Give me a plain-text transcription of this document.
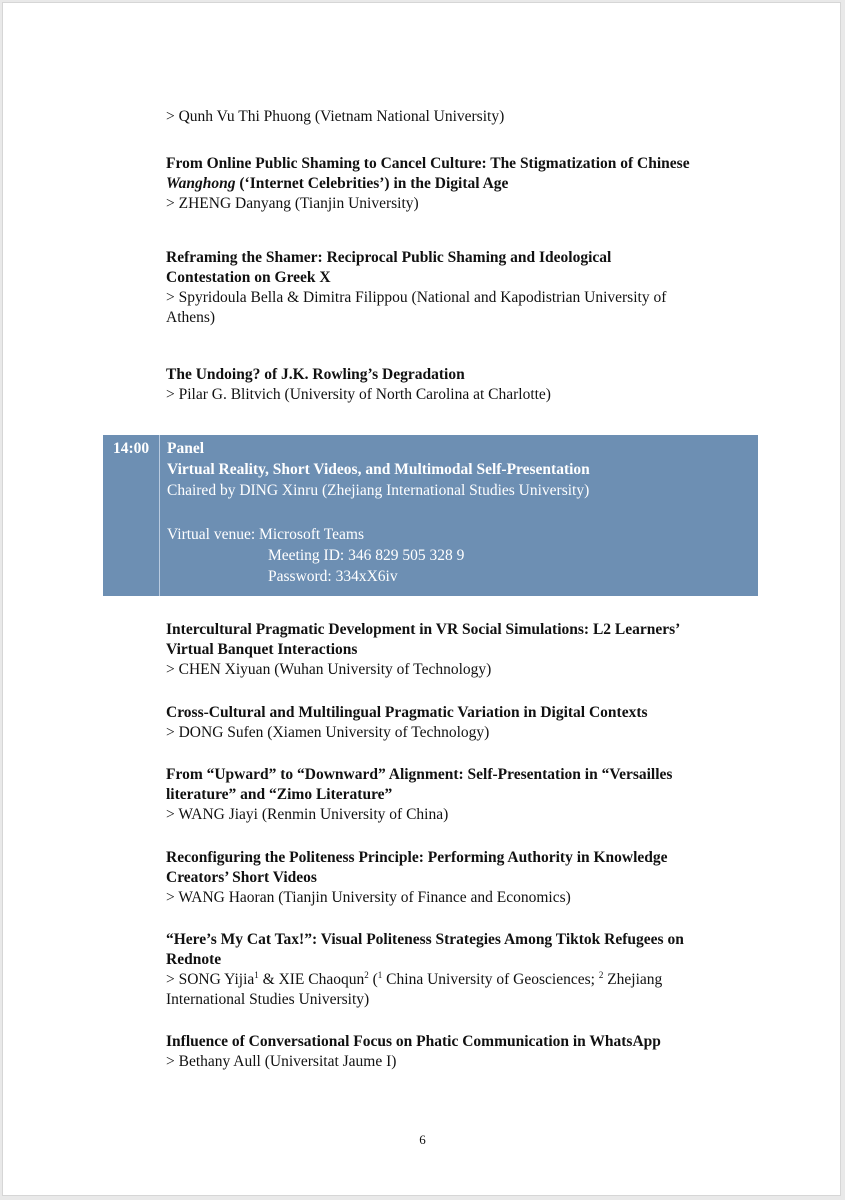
> Qunh Vu Thi Phuong (Vietnam National University)
From Online Public Shaming to Cancel Culture: The Stigmatization of Chinese
Wanghong (‘Internet Celebrities’) in the Digital Age
> ZHENG Danyang (Tianjin University)
Reframing the Shamer: Reciprocal Public Shaming and Ideological
Contestation on Greek X
> Spyridoula Bella & Dimitra Filippou (National and Kapodistrian University of
Athens)
The Undoing? of J.K. Rowling’s Degradation
> Pilar G. Blitvich (University of North Carolina at Charlotte)
14:00 Panel
Virtual Reality, Short Videos, and Multimodal Self-Presentation
Chaired by DING Xinru (Zhejiang International Studies University)
Virtual venue: Microsoft Teams
Meeting ID: 346 829 505 328 9
Password: 334xX6iv
Intercultural Pragmatic Development in VR Social Simulations: L2 Learners’
Virtual Banquet Interactions
> CHEN Xiyuan (Wuhan University of Technology)
Cross-Cultural and Multilingual Pragmatic Variation in Digital Contexts
> DONG Sufen (Xiamen University of Technology)
From “Upward” to “Downward” Alignment: Self-Presentation in “Versailles
literature” and “Zimo Literature”
> WANG Jiayi (Renmin University of China)
Reconfiguring the Politeness Principle: Performing Authority in Knowledge
Creators’ Short Videos
> WANG Haoran (Tianjin University of Finance and Economics)
“Here’s My Cat Tax!”: Visual Politeness Strategies Among Tiktok Refugees on
Rednote
> SONG Yijia$^1$ & XIE Chaoqun$^2$ ($^1$ China University of Geosciences; $^2$ Zhejiang
International Studies University)
Influence of Conversational Focus on Phatic Communication in WhatsApp
> Bethany Aull (Universitat Jaume I)
6
